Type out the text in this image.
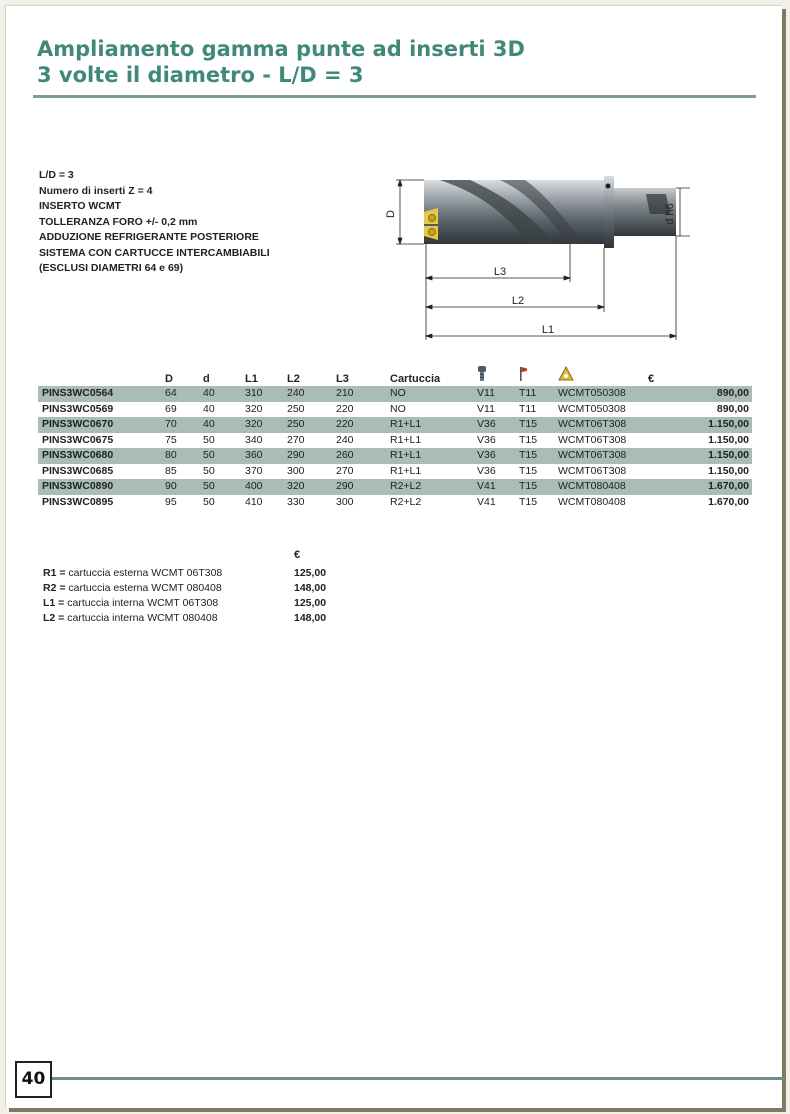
Ampliamento gamma punte ad inserti 3D
3 volte il diametro - L/D = 3
L/D = 3
Numero di inserti Z = 4
INSERTO WCMT
TOLLERANZA FORO +/- 0,2 mm
ADDUZIONE REFRIGERANTE POSTERIORE
SISTEMA CON CARTUCCE INTERCAMBIABILI
(ESCLUSI DIAMETRI 64 e 69)
D	d h6
L3
L2
L1
	D	d	L1	L2	L3	Cartuccia				€
PINS3WC0564	64	40	310	240	210	NO	V11	T11	WCMT050308	890,00
PINS3WC0569	69	40	320	250	220	NO	V11	T11	WCMT050308	890,00
PINS3WC0670	70	40	320	250	220	R1+L1	V36	T15	WCMT06T308	1.150,00
PINS3WC0675	75	50	340	270	240	R1+L1	V36	T15	WCMT06T308	1.150,00
PINS3WC0680	80	50	360	290	260	R1+L1	V36	T15	WCMT06T308	1.150,00
PINS3WC0685	85	50	370	300	270	R1+L1	V36	T15	WCMT06T308	1.150,00
PINS3WC0890	90	50	400	320	290	R2+L2	V41	T15	WCMT080408	1.670,00
PINS3WC0895	95	50	410	330	300	R2+L2	V41	T15	WCMT080408	1.670,00
€
R1 = cartuccia esterna WCMT 06T308	125,00
R2 = cartuccia esterna WCMT 080408	148,00
L1 = cartuccia interna WCMT 06T308	125,00
L2 = cartuccia interna WCMT 080408	148,00
40
